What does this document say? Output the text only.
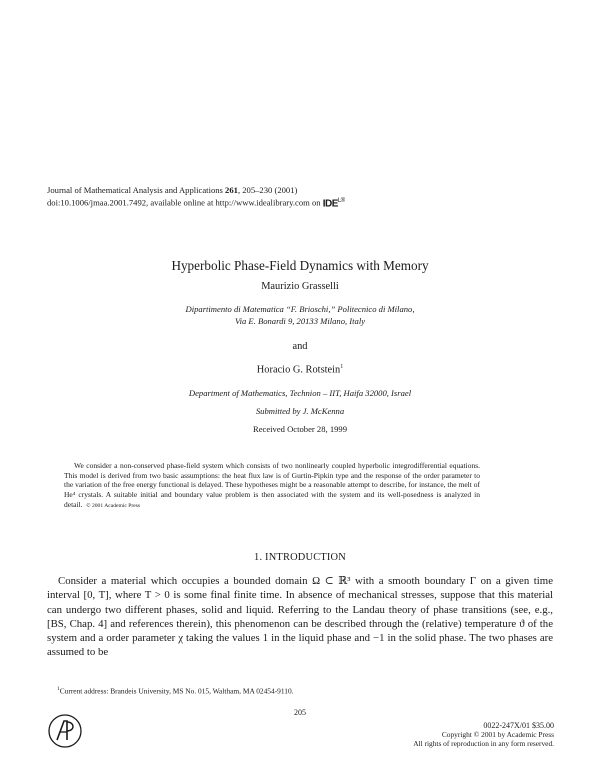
Journal of Mathematical Analysis and Applications 261, 205–230 (2001)
doi:10.1006/jmaa.2001.7492, available online at http://www.idealibrary.com on $IDE^{L®}$
Hyperbolic Phase-Field Dynamics with Memory
Maurizio Grasselli
Dipartimento di Matematica “F. Brioschi,” Politecnico di Milano,
Via E. Bonardi 9, 20133 Milano, Italy
and
Horacio G. Rotstein$^1$
Department of Mathematics, Technion – IIT, Haifa 32000, Israel
Submitted by J. McKenna
Received October 28, 1999
We consider a non-conserved phase-field system which consists of two nonlinearly coupled hyperbolic integrodifferential equations. This model is derived from two basic assumptions: the heat flux law is of Gurtin-Pipkin type and the response of the order parameter to the variation of the free energy functional is delayed. These hypotheses might be a reasonable attempt to describe, for instance, the melt of He⁴ crystals. A suitable initial and boundary value problem is then associated with the system and its well-posedness is analyzed in detail. © 2001 Academic Press
1. INTRODUCTION
Consider a material which occupies a bounded domain Ω ⊂ ℝ³ with a smooth boundary Γ on a given time interval [0, T], where T > 0 is some final finite time. In absence of mechanical stresses, suppose that this material can undergo two different phases, solid and liquid. Referring to the Landau theory of phase transitions (see, e.g., [BS, Chap. 4] and references therein), this phenomenon can be described through the (relative) temperature ϑ of the system and a order parameter χ taking the values 1 in the liquid phase and −1 in the solid phase. The two phases are assumed to be
$^1$Current address: Brandeis University, MS No. 015, Waltham, MA 02454-9110.
205
0022-247X/01 $35.00
Copyright © 2001 by Academic Press
All rights of reproduction in any form reserved.
